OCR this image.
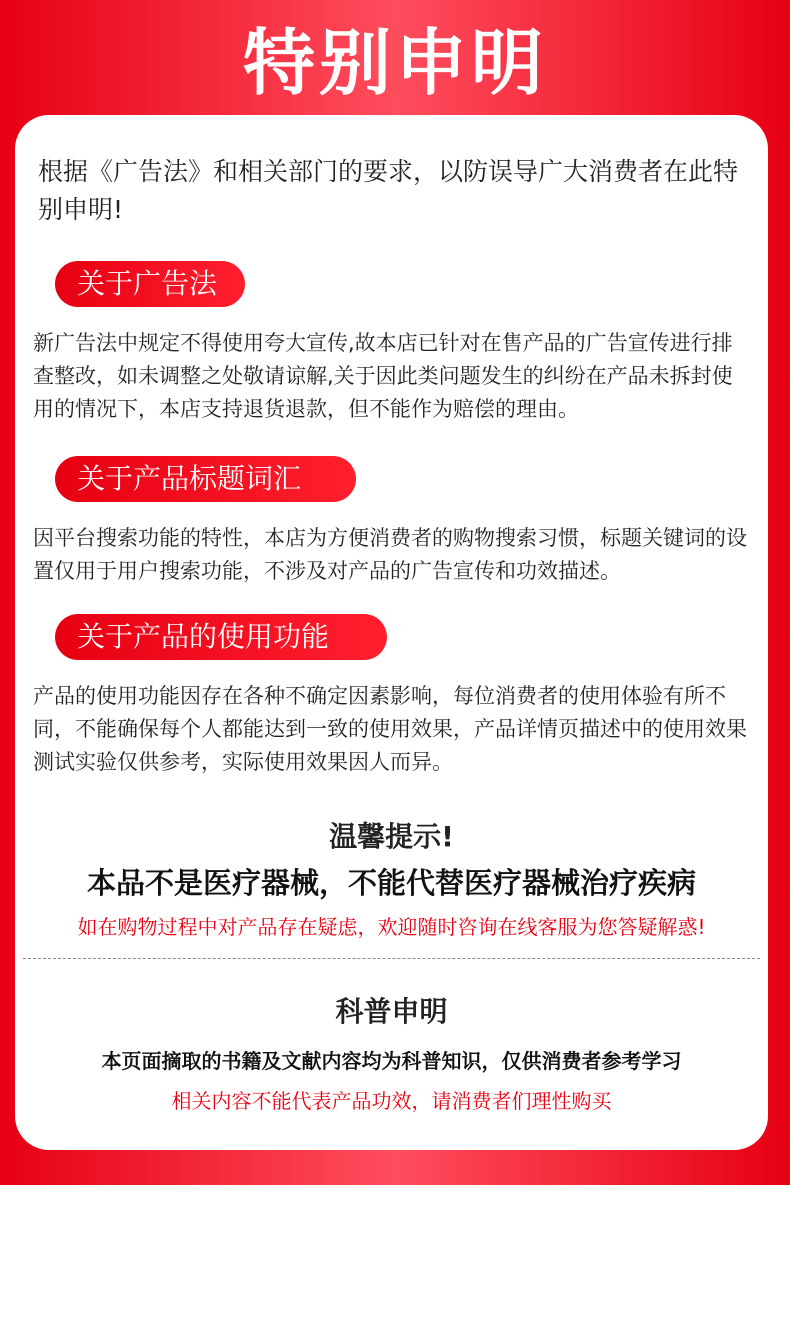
特别申明
根据《广告法》和相关部门的要求，以防误导广大消费者在此特别申明!
关于广告法
新广告法中规定不得使用夸大宣传,故本店已针对在售产品的广告宣传进行排查整改，如未调整之处敬请谅解,关于因此类问题发生的纠纷在产品未拆封使用的情况下，本店支持退货退款，但不能作为赔偿的理由。
关于产品标题词汇
因平台搜索功能的特性，本店为方便消费者的购物搜索习惯，标题关键词的设置仅用于用户搜索功能，不涉及对产品的广告宣传和功效描述。
关于产品的使用功能
产品的使用功能因存在各种不确定因素影响，每位消费者的使用体验有所不同，不能确保每个人都能达到一致的使用效果，产品详情页描述中的使用效果测试实验仅供参考，实际使用效果因人而异。
温馨提示!
本品不是医疗器械，不能代替医疗器械治疗疾病
如在购物过程中对产品存在疑虑，欢迎随时咨询在线客服为您答疑解惑!
科普申明
本页面摘取的书籍及文献内容均为科普知识，仅供消费者参考学习
相关内容不能代表产品功效，请消费者们理性购买
